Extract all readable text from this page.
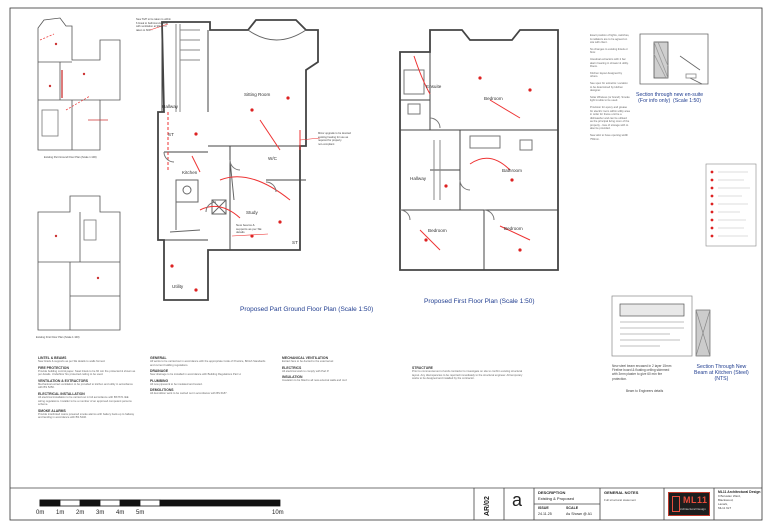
Sitting Room
Hallway
W/C
Kitchen
Study
Utility
ST
ST
New beams &
supports as per SE
details
New SVP to be taken to within
6 lineal to bathroom/ensuite
with ventilation at 90mm or
taken to 600...
Minor upgrade to be deviced
existing heating for use as
required for property
non-compliant
Proposed Part Ground Floor Plan (Scale 1:50)
Ensuite
Bedroom
Hallway
Bathroom
Bedroom	Bedroom
Proposed First Floor Plan (Scale 1:50)
Existing Part Ground Floor Plan (Scale 1:100)
Existing First Floor Plan (Scale 1:100)
Exact position of lights, switches, & radiators are to be agreed on site with client.
No changes to existing lintels or floor.
Intestinal extractors with 2 bar alarm bearing in shower & utility. Room.
Kitchen layout designed by others.
See spec for extractor. Location to be determined by kitchen designer.
Solar Wireless (or brand). Smoke light trouble to be used.
Provision for epoxy and grease for electric room within utility area in order for frame unit be a dishwasher and can be utilised as the principal living room of the property - loss of storage with to also be provided.
New attic to have opening width 750mm.
Section through new en-suite
(For info only)  (Scale 1:50)
New steel beam encased in 2 layer 15mm
Fireline board & floating ceiling skimmed
with 3mm plaster to give 60 min fire
protection.
Beam to Engineers details
Section Through New
Beam at Kitchen (Steel)
(NTS)
LINTEL & BEAMS
New lintels & supports as per SE details to walls formed.
FIRE PROTECTION
Provide building control paper. Steel lintels to be 60 min fire protected & shown as per details. Underfloor fire protected ceiling to be used.
VENTILATION & EXTRACTORS
Mechanical extract ventilation to be provided to kitchen and utility in accordance with BS 5250.
ELECTRICAL INSTALLATION
All electrical installation to be carried out in full accordance with BS7671 IEE wiring regulations. Installer to be a member of an approved competent persons scheme.
SMOKE ALARMS
Provide interlinked mains powered smoke alarms with battery back-up to hallway and landing in accordance with BS 5446.
GENERAL
All works to be carried out in accordance with the appropriate Code of Practice, British Standards and current building regulations.
DRAINAGE
New drainage to be installed in accordance with Building Regulations Part H.
PLUMBING
All new pipework to be insulated and tested.
DEMOLITIONS
All demolition work to be carried out in accordance with BS 6187.
MECHANICAL VENTILATION
Extract fans to be ducted to the external air.
ELECTRICS
All electrical work to comply with Part P.
INSULATION
Insulation to be fitted to all new external walls and roof.
STRUCTURE
Prior to commencement of work contractor to investigate on site to confirm existing structural layout. Any discrepancies to be reported immediately to the structural engineer. All temporary works to be designed and installed by the contractor.
AR/02 a	DESCRIPTION
Existing & Proposed
ISSUE
24.11.25
SCALE
As Shown @ A1
GENERAL NOTES
Full structural statement	ML11
Architectural Design
ML11 Architectural Design
9 Boluslan Ward,
Blackwood,
Lanark,
ML11 9LT
0m 1m 2m 3m 4m 5m	10m
